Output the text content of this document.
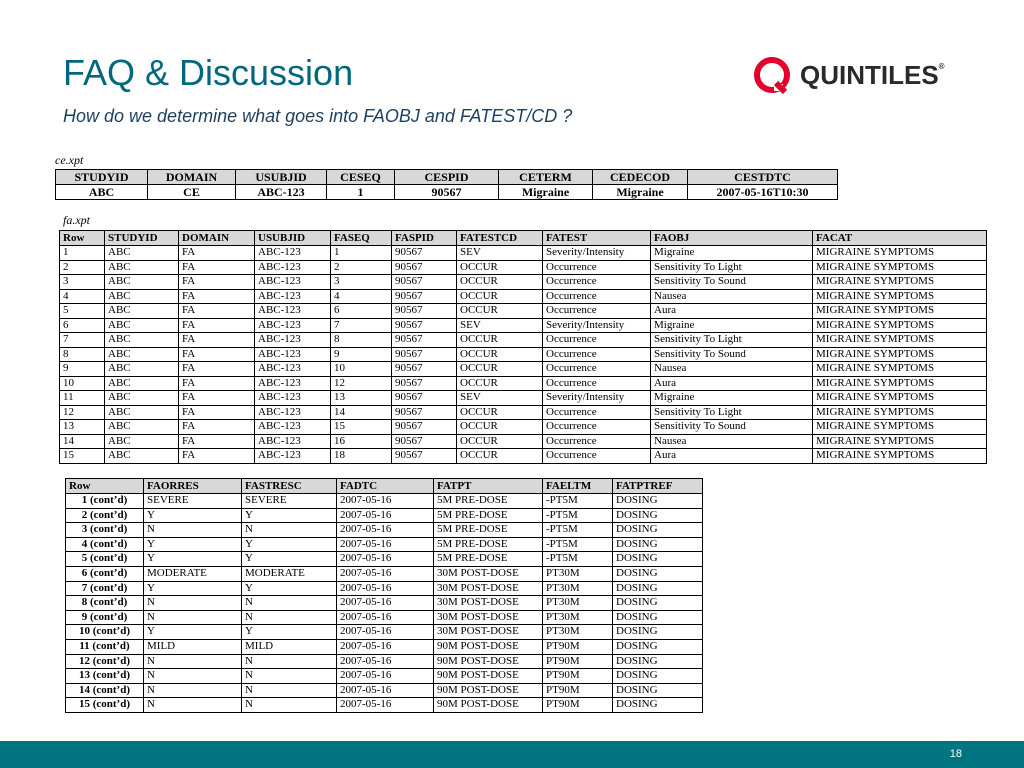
FAQ & Discussion
How do we determine what goes into FAOBJ and FATEST/CD ?
QUINTILES®
ce.xpt
STUDYID	DOMAIN	USUBJID	CESEQ	CESPID	CETERM	CEDECOD	CESTDTC
ABC	CE	ABC-123	1	90567	Migraine	Migraine	2007-05-16T10:30
fa.xpt
Row	STUDYID	DOMAIN	USUBJID	FASEQ	FASPID	FATESTCD	FATEST	FAOBJ	FACAT
1	ABC	FA	ABC-123	1	90567	SEV	Severity/Intensity	Migraine	MIGRAINE SYMPTOMS
2	ABC	FA	ABC-123	2	90567	OCCUR	Occurrence	Sensitivity To Light	MIGRAINE SYMPTOMS
3	ABC	FA	ABC-123	3	90567	OCCUR	Occurrence	Sensitivity To Sound	MIGRAINE SYMPTOMS
4	ABC	FA	ABC-123	4	90567	OCCUR	Occurrence	Nausea	MIGRAINE SYMPTOMS
5	ABC	FA	ABC-123	6	90567	OCCUR	Occurrence	Aura	MIGRAINE SYMPTOMS
6	ABC	FA	ABC-123	7	90567	SEV	Severity/Intensity	Migraine	MIGRAINE SYMPTOMS
7	ABC	FA	ABC-123	8	90567	OCCUR	Occurrence	Sensitivity To Light	MIGRAINE SYMPTOMS
8	ABC	FA	ABC-123	9	90567	OCCUR	Occurrence	Sensitivity To Sound	MIGRAINE SYMPTOMS
9	ABC	FA	ABC-123	10	90567	OCCUR	Occurrence	Nausea	MIGRAINE SYMPTOMS
10	ABC	FA	ABC-123	12	90567	OCCUR	Occurrence	Aura	MIGRAINE SYMPTOMS
11	ABC	FA	ABC-123	13	90567	SEV	Severity/Intensity	Migraine	MIGRAINE SYMPTOMS
12	ABC	FA	ABC-123	14	90567	OCCUR	Occurrence	Sensitivity To Light	MIGRAINE SYMPTOMS
13	ABC	FA	ABC-123	15	90567	OCCUR	Occurrence	Sensitivity To Sound	MIGRAINE SYMPTOMS
14	ABC	FA	ABC-123	16	90567	OCCUR	Occurrence	Nausea	MIGRAINE SYMPTOMS
15	ABC	FA	ABC-123	18	90567	OCCUR	Occurrence	Aura	MIGRAINE SYMPTOMS
Row	FAORRES	FASTRESC	FADTC	FATPT	FAELTM	FATPTREF
1 (cont’d)	SEVERE	SEVERE	2007-05-16	5M PRE-DOSE	-PT5M	DOSING
2 (cont’d)	Y	Y	2007-05-16	5M PRE-DOSE	-PT5M	DOSING
3 (cont’d)	N	N	2007-05-16	5M PRE-DOSE	-PT5M	DOSING
4 (cont’d)	Y	Y	2007-05-16	5M PRE-DOSE	-PT5M	DOSING
5 (cont’d)	Y	Y	2007-05-16	5M PRE-DOSE	-PT5M	DOSING
6 (cont’d)	MODERATE	MODERATE	2007-05-16	30M POST-DOSE	PT30M	DOSING
7 (cont’d)	Y	Y	2007-05-16	30M POST-DOSE	PT30M	DOSING
8 (cont’d)	N	N	2007-05-16	30M POST-DOSE	PT30M	DOSING
9 (cont’d)	N	N	2007-05-16	30M POST-DOSE	PT30M	DOSING
10 (cont’d)	Y	Y	2007-05-16	30M POST-DOSE	PT30M	DOSING
11 (cont’d)	MILD	MILD	2007-05-16	90M POST-DOSE	PT90M	DOSING
12 (cont’d)	N	N	2007-05-16	90M POST-DOSE	PT90M	DOSING
13 (cont’d)	N	N	2007-05-16	90M POST-DOSE	PT90M	DOSING
14 (cont’d)	N	N	2007-05-16	90M POST-DOSE	PT90M	DOSING
15 (cont’d)	N	N	2007-05-16	90M POST-DOSE	PT90M	DOSING
18
